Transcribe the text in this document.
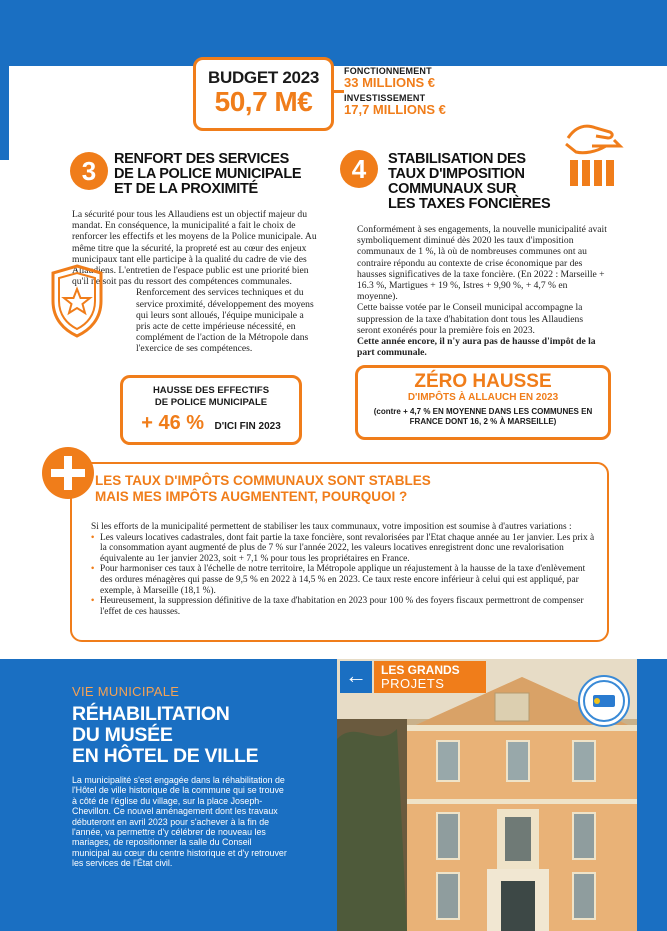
BUDGET 2023
50,7 M€
FONCTIONNEMENT
33 MILLIONS €
INVESTISSEMENT
17,7 MILLIONS €
3	RENFORT DES SERVICES
DE LA POLICE MUNICIPALE
ET DE LA PROXIMITÉ

La sécurité pour tous les Allaudiens est un objectif majeur du mandat. En conséquence, la municipalité a fait le choix de renforcer les effectifs et les moyens de la Police municipale. Au même titre que la sécurité, la propreté est au cœur des enjeux municipaux tant elle participe à la qualité du cadre de vie des Allaudiens. L'entretien de l'espace public est une priorité bien qu'il ne soit pas du ressort des compétences communales.

Renforcement des services techniques et du service proximité, développement des moyens qui leurs sont alloués, l'équipe municipale a pris acte de cette impérieuse nécessité, en complément de l'action de la Métropole dans l'exercice de ses compétences.

HAUSSE DES EFFECTIFS
DE POLICE MUNICIPALE
+ 46 % D'ICI FIN 2023
4	STABILISATION DES
TAUX D'IMPOSITION
COMMUNAUX SUR
LES TAXES FONCIÈRES

Conformément à ses engagements, la nouvelle municipalité avait symboliquement diminué dès 2020 les taux d'imposition communaux de 1 %, là où de nombreuses communes ont au contraire répondu au contexte de crise économique par des hausses significatives de la taxe foncière. (En 2022 : Marseille + 16.3 %, Martigues + 19 %, Istres + 9,90 %, + 4,7 % en moyenne).

Cette baisse votée par le Conseil municipal accompagne la suppression de la taxe d'habitation dont tous les Allaudiens seront exonérés pour la première fois en 2023.

Cette année encore, il n'y aura pas de hausse d'impôt de la part communale.

ZÉRO HAUSSE
D'IMPÔTS À ALLAUCH EN 2023
(contre + 4,7 % EN MOYENNE DANS LES COMMUNES EN FRANCE DONT 16, 2 % À MARSEILLE)
LES TAUX D'IMPÔTS COMMUNAUX SONT STABLES
MAIS MES IMPÔTS AUGMENTENT, POURQUOI ?

Si les efforts de la municipalité permettent de stabiliser les taux communaux, votre imposition est soumise à d'autres variations :

• Les valeurs locatives cadastrales, dont fait partie la taxe foncière, sont revalorisées par l'Etat chaque année au 1er janvier. Les prix à la consommation ayant augmenté de plus de 7 % sur l'année 2022, les valeurs locatives enregistrent donc une revalorisation équivalente au 1er janvier 2023, soit + 7,1 % pour tous les propriétaires en France.
• Pour harmoniser ces taux à l'échelle de notre territoire, la Métropole applique un réajustement à la hausse de la taxe d'enlèvement des ordures ménagères qui passe de 9,5 % en 2022 à 14,5 % en 2023. Ce taux reste encore inférieur à celui qui est appliqué, par exemple, à Marseille (18,1 %).
• Heureusement, la suppression définitive de la taxe d'habitation en 2023 pour 100 % des foyers fiscaux permettront de compenser l'effet de ces hausses.
VIE MUNICIPALE
RÉHABILITATION
DU MUSÉE
EN HÔTEL DE VILLE
La municipalité s'est engagée dans la réhabilitation de l'Hôtel de ville historique de la commune qui se trouve à côté de l'église du village, sur la place Joseph-Chevillon. Ce nouvel aménagement dont les travaux débuteront en avril 2023 pour s'achever à la fin de l'année, va permettre d'y célébrer de nouveau les mariages, de repositionner la salle du Conseil municipal au cœur du centre historique et d'y retrouver les services de l'État civil.
←	LES GRANDS
PROJETS
